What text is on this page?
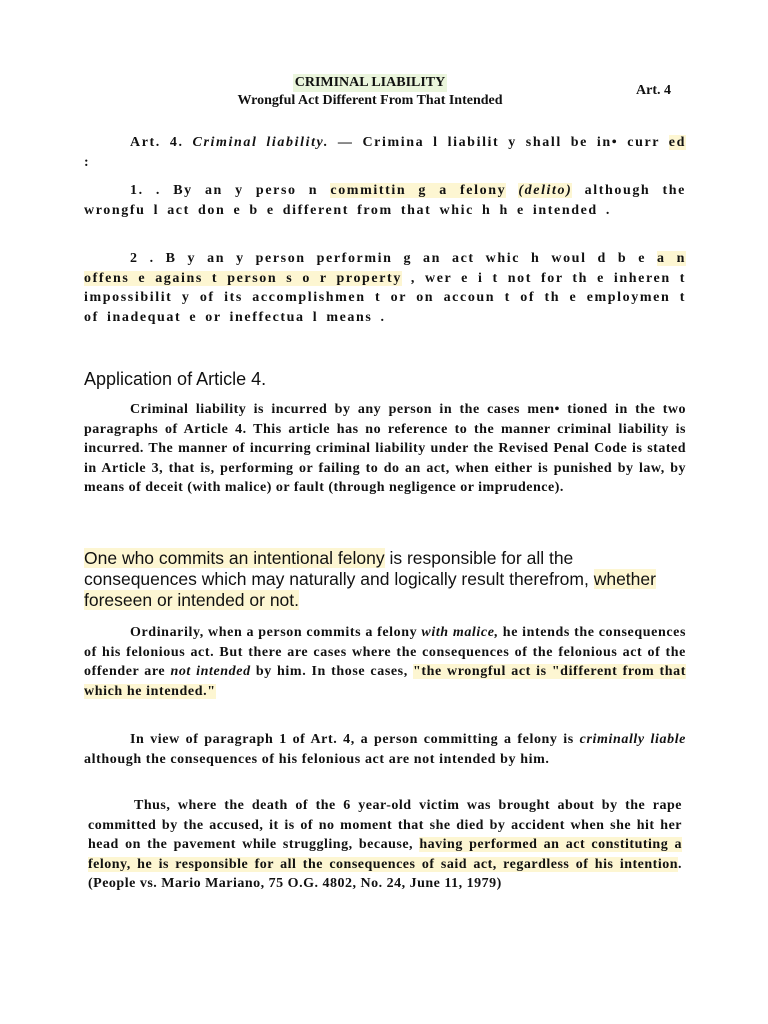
CRIMINAL LIABILITY
Wrongful Act Different From That Intended
Art. 4

Art. 4. Criminal liability. — Crimina l liabilit y shall be in• curr ed :

1. . By an y perso n committin g a felony (delito) although the wrongfu l act don e b e different from that whic h h e intended .

2 . B y an y person performin g an act whic h woul d b e a n offens e agains t person s o r property , wer e i t not for th e inheren t impossibilit y of its accomplishmen t or on accoun t of th e employmen t of inadequat e or ineffectua l means .

Application of Article 4.

Criminal liability is incurred by any person in the cases men• tioned in the two paragraphs of Article 4. This article has no reference to the manner criminal liability is incurred. The manner of incurring criminal liability under the Revised Penal Code is stated in Article 3, that is, performing or failing to do an act, when either is punished by law, by means of deceit (with malice) or fault (through negligence or imprudence).

One who commits an intentional felony is responsible for all the consequences which may naturally and logically result therefrom, whether foreseen or intended or not.

Ordinarily, when a person commits a felony with malice, he intends the consequences of his felonious act. But there are cases where the consequences of the felonious act of the offender are not intended by him. In those cases, "the wrongful act is "different from that which he intended."

In view of paragraph 1 of Art. 4, a person committing a felony is criminally liable although the consequences of his felonious act are not intended by him.

Thus, where the death of the 6 year-old victim was brought about by the rape committed by the accused, it is of no moment that she died by accident when she hit her head on the pavement while struggling, because, having performed an act constituting a felony, he is responsible for all the consequences of said act, regardless of his intention. (People vs. Mario Mariano, 75 O.G. 4802, No. 24, June 11, 1979)
